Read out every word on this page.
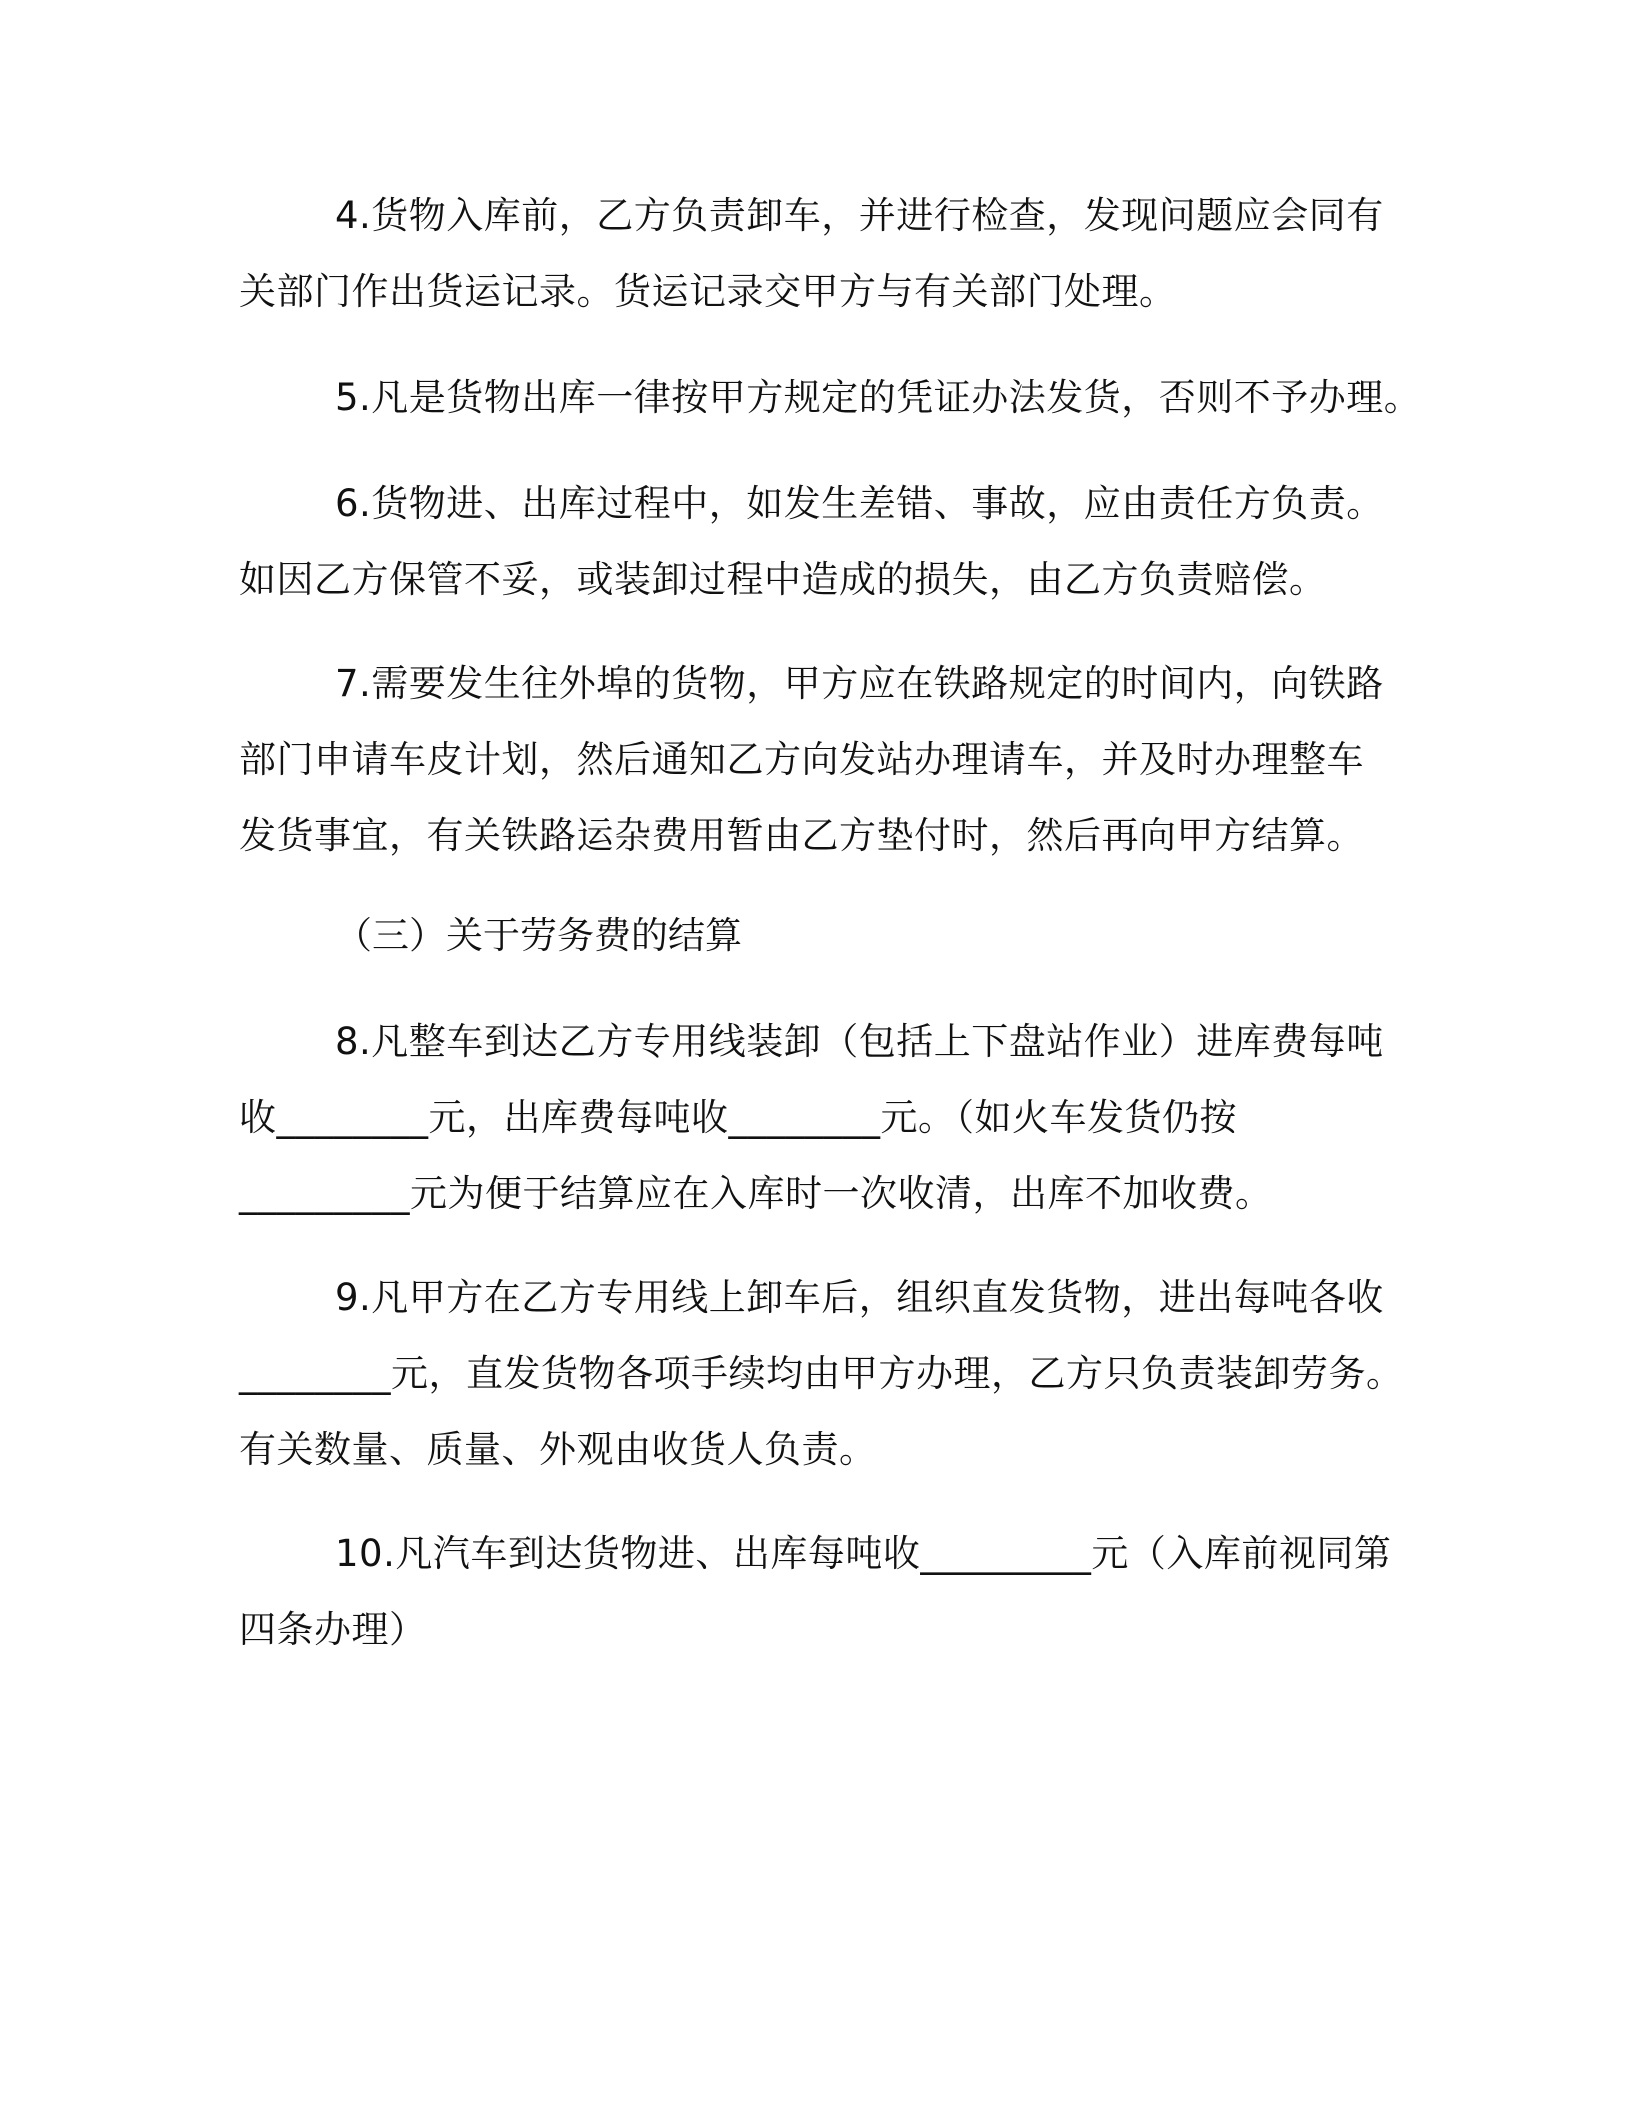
4.货物入库前，乙方负责卸车，并进行检查，发现问题应会同有
关部门作出货运记录。货运记录交甲方与有关部门处理。
5.凡是货物出库一律按甲方规定的凭证办法发货，否则不予办理。
6.货物进、出库过程中，如发生差错、事故，应由责任方负责。
如因乙方保管不妥，或装卸过程中造成的损失，由乙方负责赔偿。
7.需要发生往外埠的货物，甲方应在铁路规定的时间内，向铁路
部门申请车皮计划，然后通知乙方向发站办理请车，并及时办理整车
发货事宜，有关铁路运杂费用暂由乙方垫付时，然后再向甲方结算。
（三）关于劳务费的结算
8.凡整车到达乙方专用线装卸（包括上下盘站作业）进库费每吨
收________元，出库费每吨收________元。（如火车发货仍按
_________元为便于结算应在入库时一次收清，出库不加收费。
9.凡甲方在乙方专用线上卸车后，组织直发货物，进出每吨各收
________元，直发货物各项手续均由甲方办理，乙方只负责装卸劳务。
有关数量、质量、外观由收货人负责。
10.凡汽车到达货物进、出库每吨收_________元（入库前视同第
四条办理）
